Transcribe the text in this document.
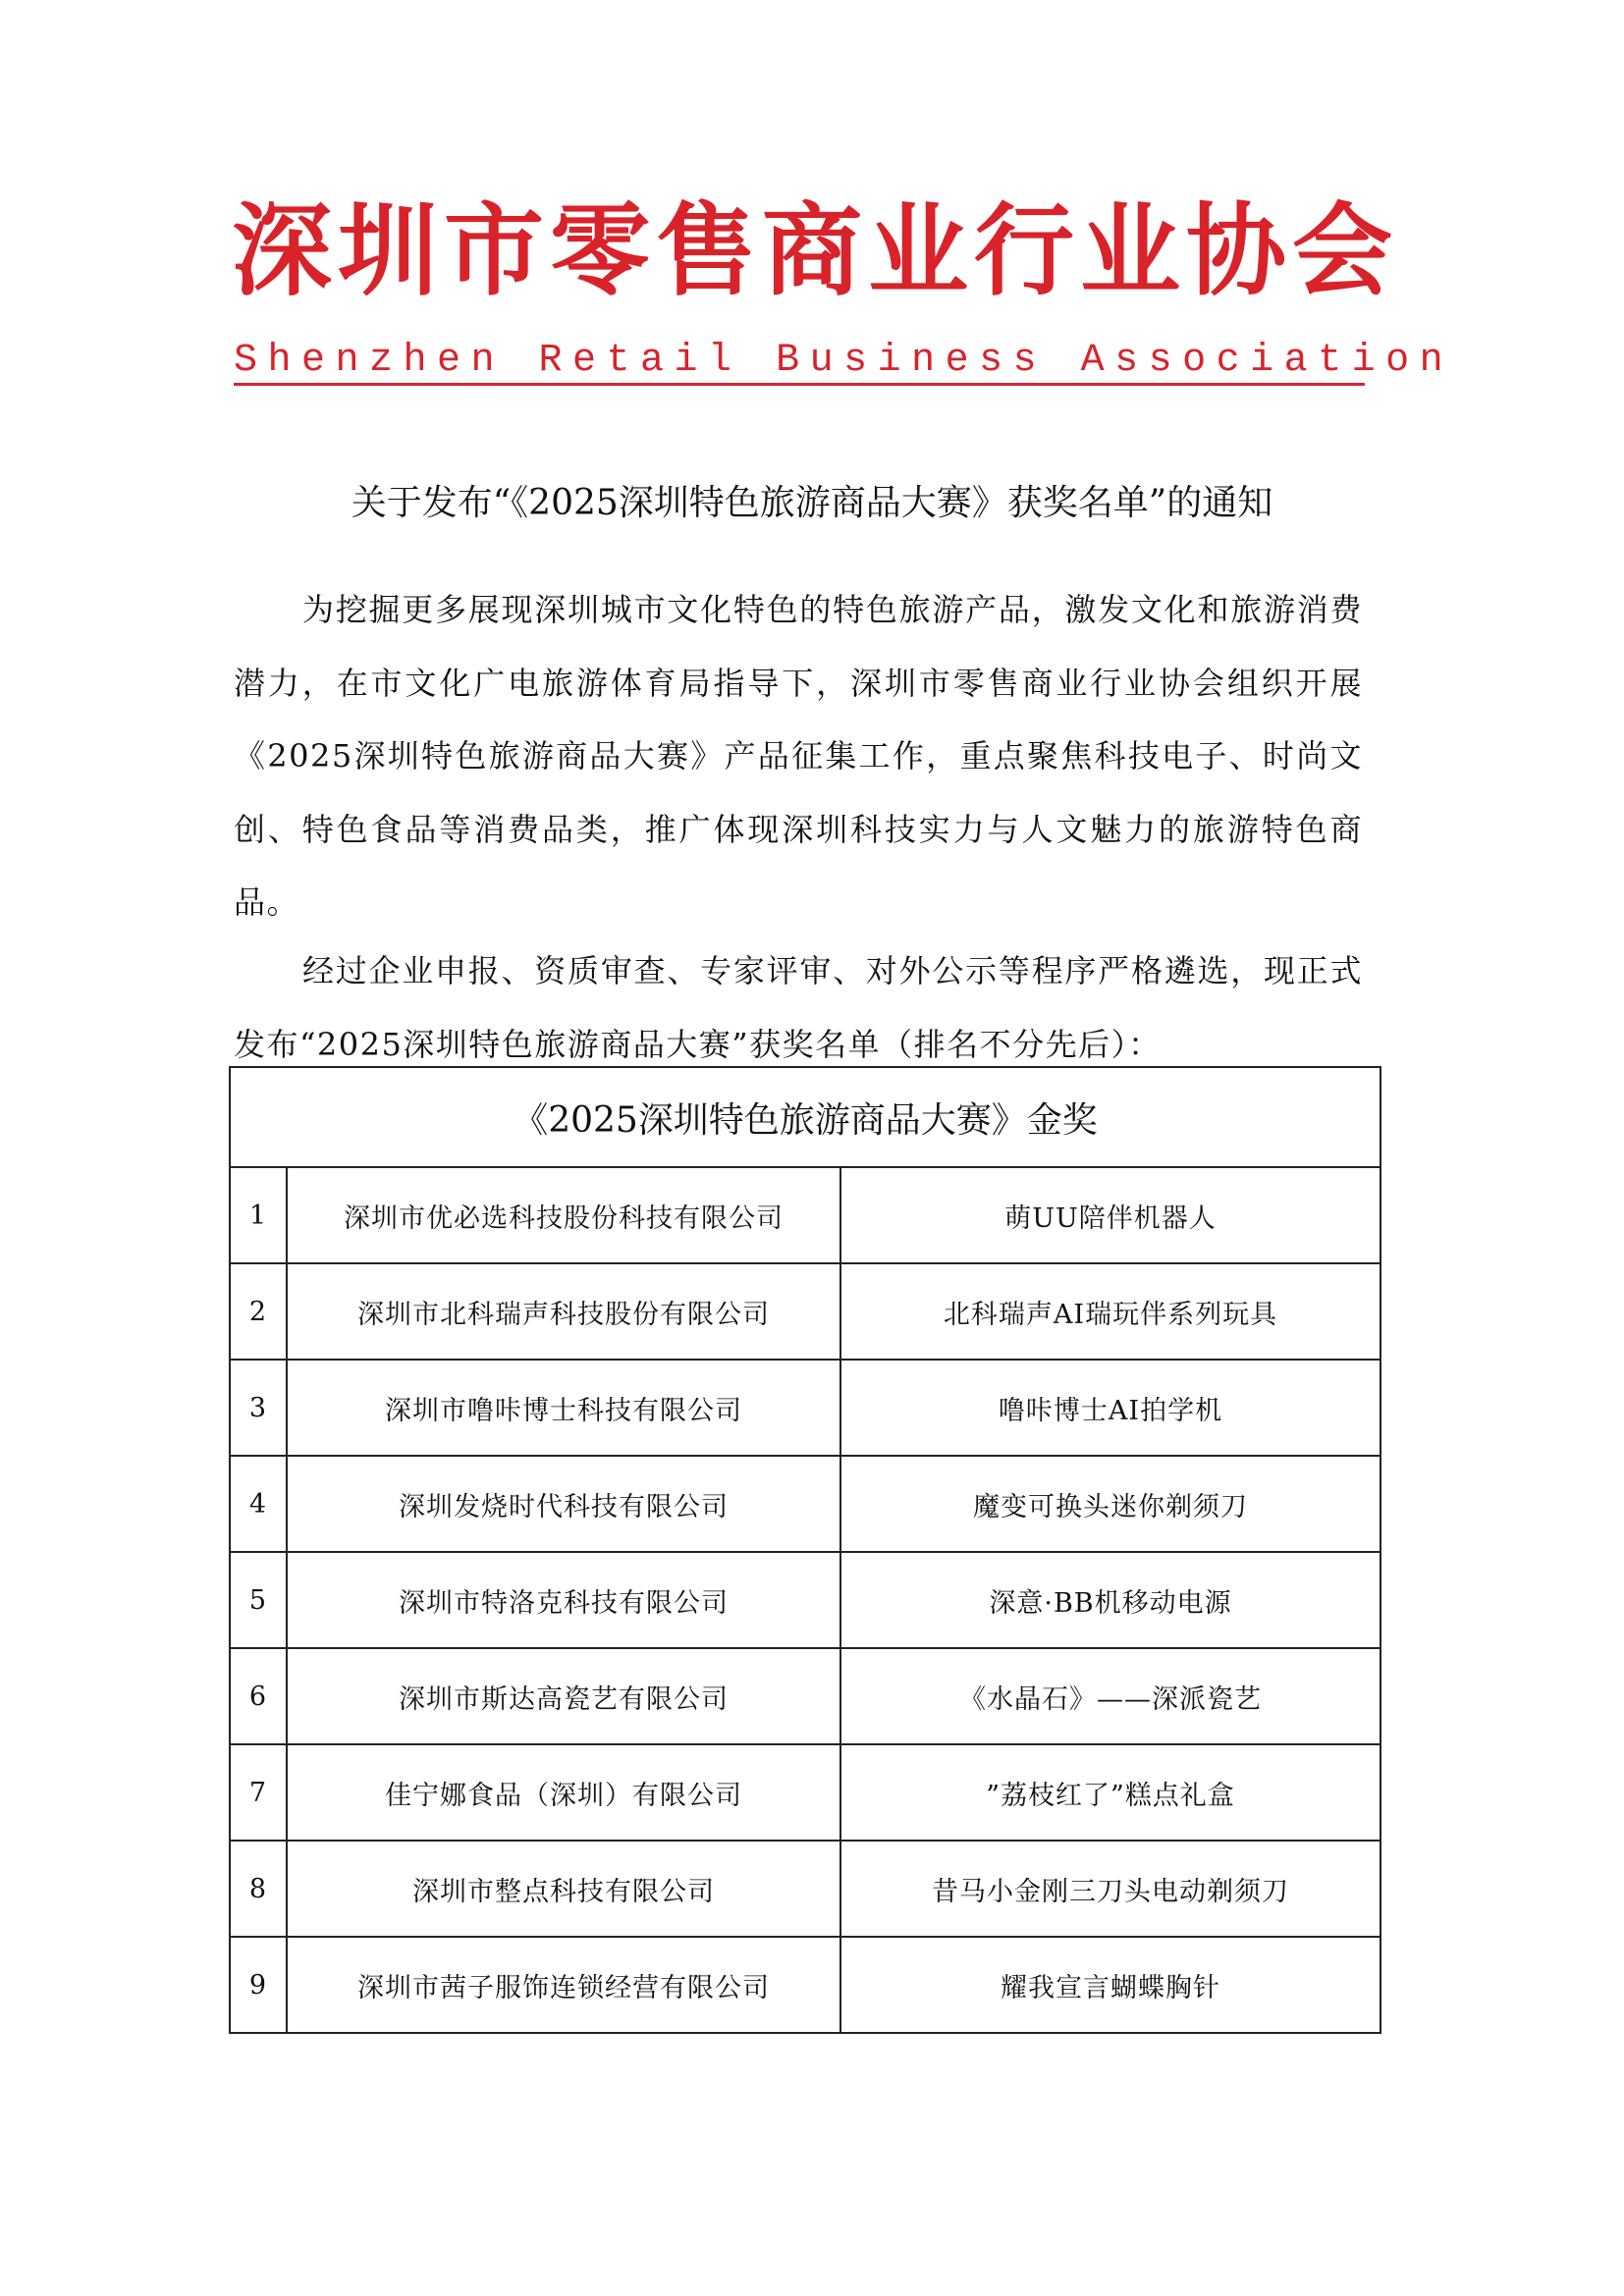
深圳市零售商业行业协会
Shenzhen Retail Business Association
关于发布“《2025深圳特色旅游商品大赛》获奖名单”的通知

为挖掘更多展现深圳城市文化特色的特色旅游产品，激发文化和旅游消费潜力，在市文化广电旅游体育局指导下，深圳市零售商业行业协会组织开展《2025深圳特色旅游商品大赛》产品征集工作，重点聚焦科技电子、时尚文创、特色食品等消费品类，推广体现深圳科技实力与人文魅力的旅游特色商品。

经过企业申报、资质审查、专家评审、对外公示等程序严格遴选，现正式发布“2025深圳特色旅游商品大赛”获奖名单（排名不分先后）：

《2025深圳特色旅游商品大赛》金奖		
1	深圳市优必选科技股份科技有限公司	萌UU陪伴机器人
2	深圳市北科瑞声科技股份有限公司	北科瑞声AI瑞玩伴系列玩具
3	深圳市噜咔博士科技有限公司	噜咔博士AI拍学机
4	深圳发烧时代科技有限公司	魔变可换头迷你剃须刀
5	深圳市特洛克科技有限公司	深意·BB机移动电源
6	深圳市斯达高瓷艺有限公司	《水晶石》——深派瓷艺
7	佳宁娜食品（深圳）有限公司	”荔枝红了”糕点礼盒
8	深圳市整点科技有限公司	昔马小金刚三刀头电动剃须刀
9	深圳市茜子服饰连锁经营有限公司	耀我宣言蝴蝶胸针
